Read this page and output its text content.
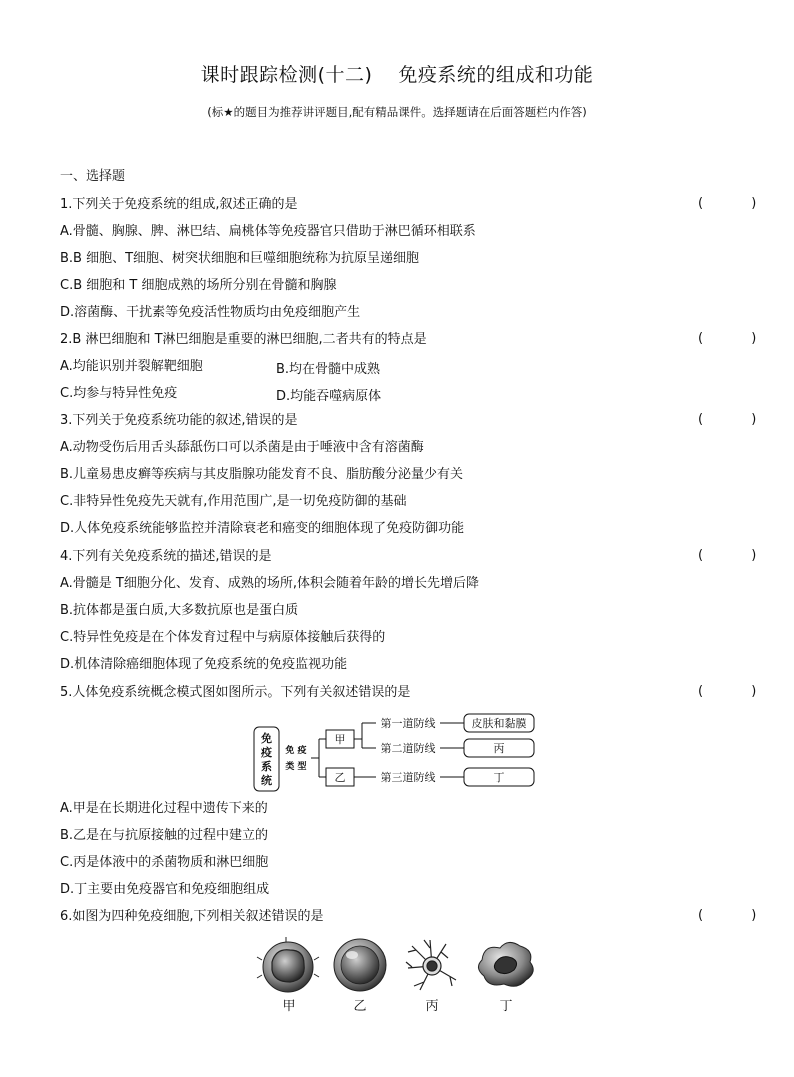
课时跟踪检测(十二) 免疫系统的组成和功能
(标★的题目为推荐讲评题目,配有精品课件。选择题请在后面答题栏内作答)
一、选择题
1.下列关于免疫系统的组成,叙述正确的是	( )
A.骨髓、胸腺、脾、淋巴结、扁桃体等免疫器官只借助于淋巴循环相联系
B.B 细胞、T细胞、树突状细胞和巨噬细胞统称为抗原呈递细胞
C.B 细胞和 T 细胞成熟的场所分别在骨髓和胸腺
D.溶菌酶、干扰素等免疫活性物质均由免疫细胞产生
2.B 淋巴细胞和 T淋巴细胞是重要的淋巴细胞,二者共有的特点是	( )
A.均能识别并裂解靶细胞	B.均在骨髓中成熟
C.均参与特异性免疫	D.均能吞噬病原体
3.下列关于免疫系统功能的叙述,错误的是	( )
A.动物受伤后用舌头舔舐伤口可以杀菌是由于唾液中含有溶菌酶
B.儿童易患皮癣等疾病与其皮脂腺功能发育不良、脂肪酸分泌量少有关
C.非特异性免疫先天就有,作用范围广,是一切免疫防御的基础
D.人体免疫系统能够监控并清除衰老和癌变的细胞体现了免疫防御功能
4.下列有关免疫系统的描述,错误的是	( )
A.骨髓是 T细胞分化、发育、成熟的场所,体积会随着年龄的增长先增后降
B.抗体都是蛋白质,大多数抗原也是蛋白质
C.特异性免疫是在个体发育过程中与病原体接触后获得的
D.机体清除癌细胞体现了免疫系统的免疫监视功能
5.人体免疫系统概念模式图如图所示。下列有关叙述错误的是	( )
免
疫
系
统
免 疫
类 型
甲
乙
第一道防线
第二道防线
第三道防线
皮肤和黏膜
丙
丁
甲	乙	丙	丁
A.甲是在长期进化过程中遗传下来的
B.乙是在与抗原接触的过程中建立的
C.丙是体液中的杀菌物质和淋巴细胞
D.丁主要由免疫器官和免疫细胞组成
6.如图为四种免疫细胞,下列相关叙述错误的是	( )
